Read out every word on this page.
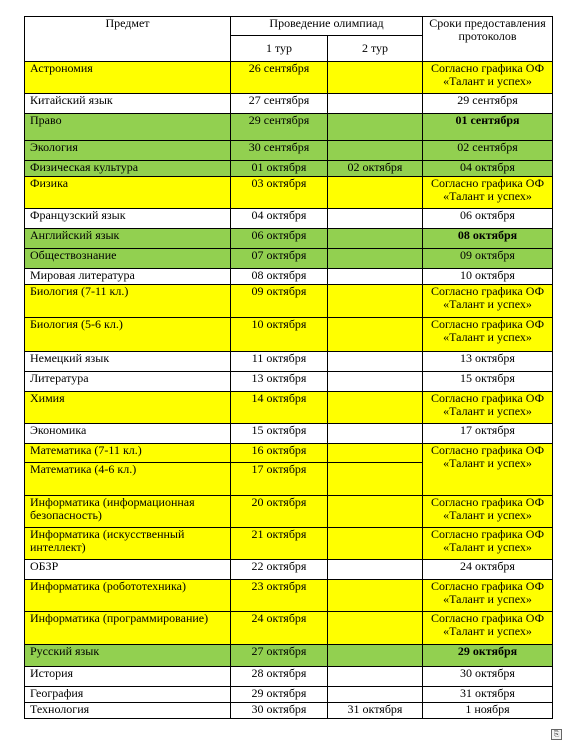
Предмет	Проведение олимпиад		Сроки предоставления протоколов
	1 тур	2 тур	
Астрономия	26 сентября		Согласно графика ОФ «Талант и успех»
Китайский язык	27 сентября		29 сентября
Право	29 сентября		01 сентября
Экология	30 сентября		02 сентября
Физическая культура	01 октября	02 октября	04 октября
Физика	03 октября		Согласно графика ОФ «Талант и успех»
Французский язык	04 октября		06 октября
Английский язык	06 октября		08 октября
Обществознание	07 октября		09 октября
Мировая литература	08 октября		10 октября
Биология (7-11 кл.)	09 октября		Согласно графика ОФ «Талант и успех»
Биология (5-6 кл.)	10 октября		Согласно графика ОФ «Талант и успех»
Немецкий язык	11 октября		13 октября
Литература	13 октября		15 октября
Химия	14 октября		Согласно графика ОФ «Талант и успех»
Экономика	15 октября		17 октября
Математика (7-11 кл.)	16 октября		Согласно графика ОФ «Талант и успех»
Математика (4-6 кл.)	17 октября		
Информатика (информационная безопасность)	20 октября		Согласно графика ОФ «Талант и успех»
Информатика (искусственный интеллект)	21 октября		Согласно графика ОФ «Талант и успех»
ОБЗР	22 октября		24 октября
Информатика (робототехника)	23 октября		Согласно графика ОФ «Талант и успех»
Информатика (программирование)	24 октября		Согласно графика ОФ «Талант и успех»
Русский язык	27 октября		29 октября
История	28 октября		30 октября
География	29 октября		31 октября
Технология	30 октября	31 октября	1 ноября
⎘
